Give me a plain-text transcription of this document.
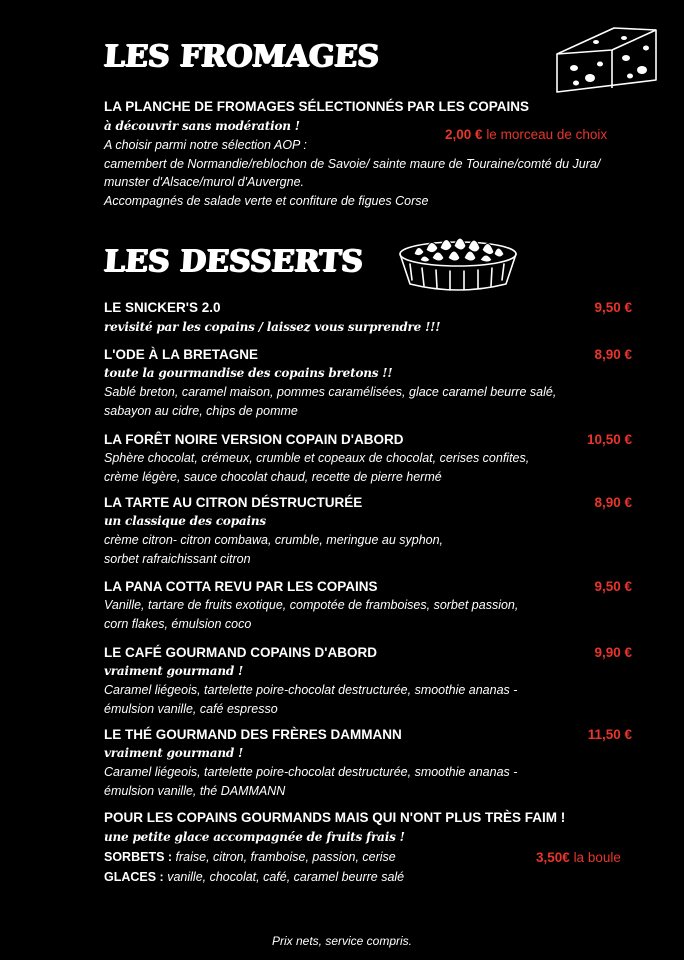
LES FROMAGES
LA PLANCHE DE FROMAGES SÉLECTIONNÉS PAR LES COPAINS
à découvrir sans modération !
2,00 € le morceau de choix
A choisir parmi notre sélection AOP :
camembert de Normandie/reblochon de Savoie/ sainte maure de Touraine/comté du Jura/
munster d'Alsace/murol d'Auvergne.
Accompagnés de salade verte et confiture de figues Corse
LES DESSERTS
LE SNICKER'S 2.0	9,50 €
revisité par les copains / laissez vous surprendre !!!
L'ODE À LA BRETAGNE	8,90 €
toute la gourmandise des copains bretons !!
Sablé breton, caramel maison, pommes caramélisées, glace caramel beurre salé,
sabayon au cidre, chips de pomme
LA FORÊT NOIRE VERSION COPAIN D'ABORD	10,50 €
Sphère chocolat, crémeux, crumble et copeaux de chocolat, cerises confites,
crème légère, sauce chocolat chaud, recette de pierre hermé
LA TARTE AU CITRON DÉSTRUCTURÉE	8,90 €
un classique des copains
crème citron- citron combawa, crumble, meringue au syphon,
sorbet rafraichissant citron
LA PANA COTTA REVU PAR LES COPAINS	9,50 €
Vanille, tartare de fruits exotique, compotée de framboises, sorbet passion,
corn flakes, émulsion coco
LE CAFÉ GOURMAND COPAINS D'ABORD	9,90 €
vraiment gourmand !
Caramel liégeois, tartelette poire-chocolat destructurée, smoothie ananas -
émulsion vanille, café espresso
LE THÉ GOURMAND DES FRÈRES DAMMANN	11,50 €
vraiment gourmand !
Caramel liégeois, tartelette poire-chocolat destructurée, smoothie ananas -
émulsion vanille, thé DAMMANN
POUR LES COPAINS GOURMANDS MAIS QUI N'ONT PLUS TRÈS FAIM !
une petite glace accompagnée de fruits frais !
SORBETS : fraise, citron, framboise, passion, cerise
GLACES : vanille, chocolat, café, caramel beurre salé
3,50€ la boule
Prix nets, service compris.
